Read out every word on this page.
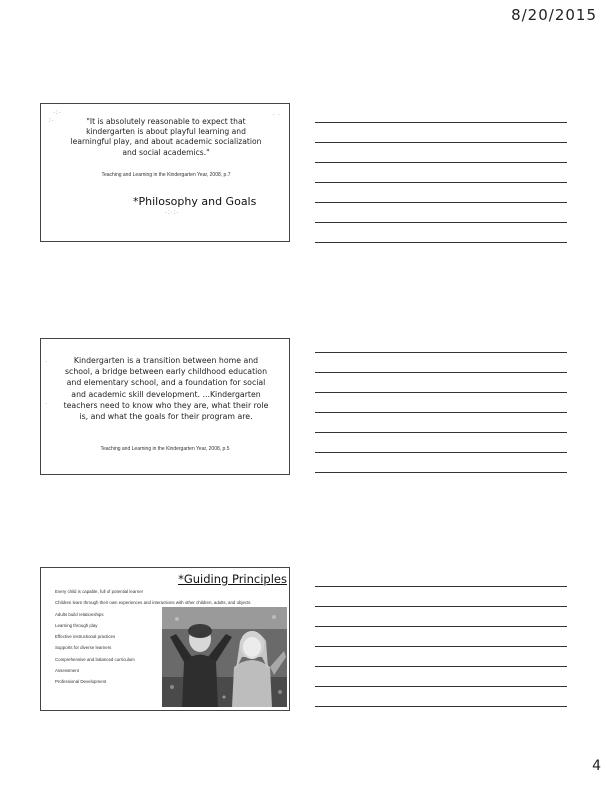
8/20/2015
·:·
:·
· ·
"It is absolutely reasonable to expect that kindergarten is about playful learning and learningful play, and about academic socialization and social academics."
Teaching and Learning in the Kindergarten Year, 2008, p.7
*Philosophy and Goals
·:·:·
·
·	Kindergarten is a transition between home and school, a bridge between early childhood education and elementary school, and a foundation for social and academic skill development. ...Kindergarten teachers need to know who they are, what their role is, and what the goals for their program are.
Teaching and Learning in the Kindergarten Year, 2008, p.5
*Guiding Principles
Every child is capable, full of potential learner
Children learn through their own experiences and interactions with other children, adults, and objects
Adults build relationships
Learning through play
Effective instructional practices
Supports for diverse learners
Comprehensive and balanced curriculum
Assessment
Professional Development
4
